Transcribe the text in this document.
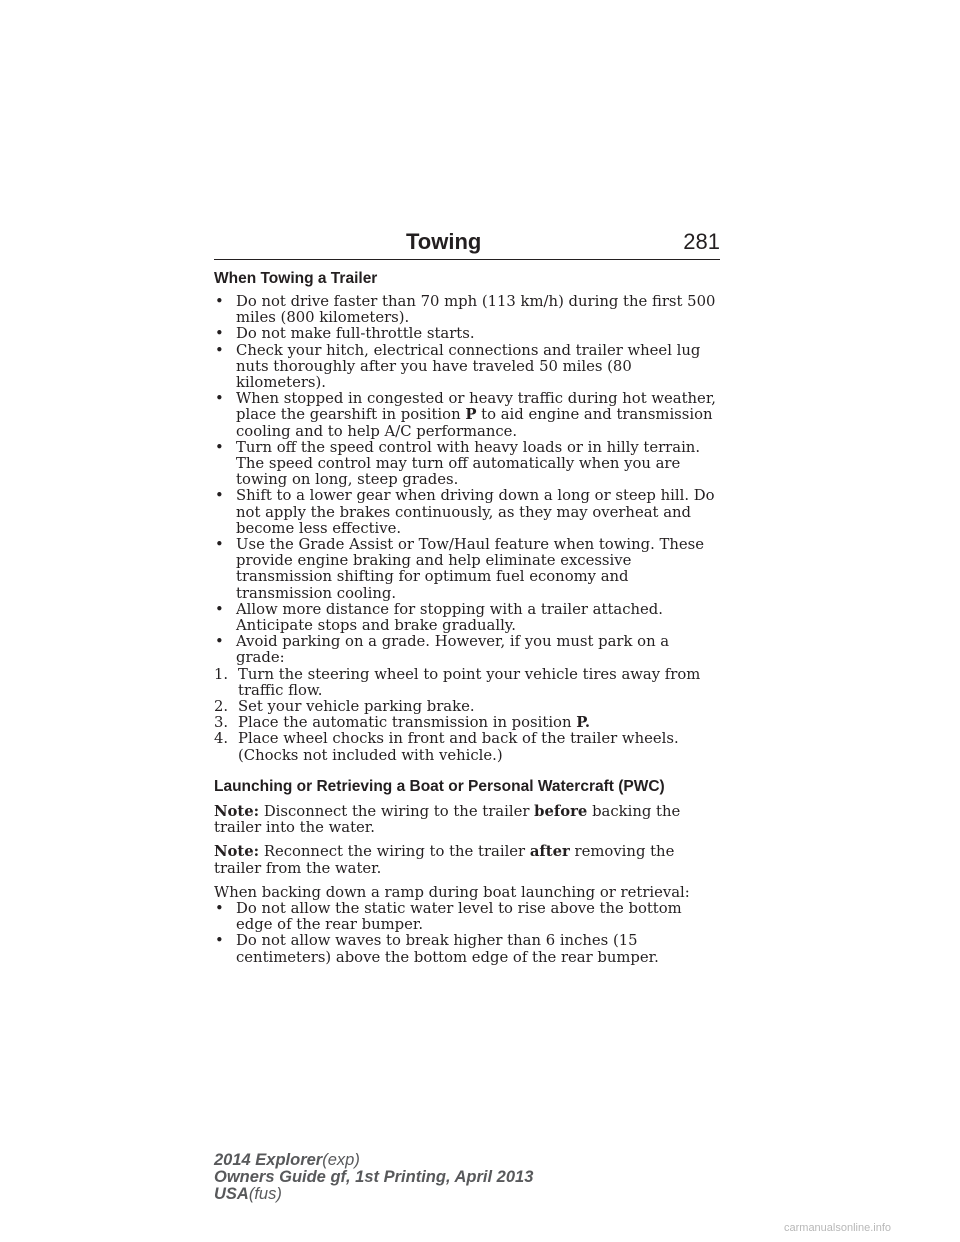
Towing	281
When Towing a Trailer
• Do not drive faster than 70 mph (113 km/h) during the first 500 miles (800 kilometers).
• Do not make full-throttle starts.
• Check your hitch, electrical connections and trailer wheel lug nuts thoroughly after you have traveled 50 miles (80 kilometers).
• When stopped in congested or heavy traffic during hot weather, place the gearshift in position P to aid engine and transmission cooling and to help A/C performance.
• Turn off the speed control with heavy loads or in hilly terrain. The speed control may turn off automatically when you are towing on long, steep grades.
• Shift to a lower gear when driving down a long or steep hill. Do not apply the brakes continuously, as they may overheat and become less effective.
• Use the Grade Assist or Tow/Haul feature when towing. These provide engine braking and help eliminate excessive transmission shifting for optimum fuel economy and transmission cooling.
• Allow more distance for stopping with a trailer attached. Anticipate stops and brake gradually.
• Avoid parking on a grade. However, if you must park on a grade:
1. Turn the steering wheel to point your vehicle tires away from traffic flow.
2. Set your vehicle parking brake.
3. Place the automatic transmission in position P.
4. Place wheel chocks in front and back of the trailer wheels. (Chocks not included with vehicle.)
Launching or Retrieving a Boat or Personal Watercraft (PWC)

Note: Disconnect the wiring to the trailer before backing the trailer into the water.

Note: Reconnect the wiring to the trailer after removing the trailer from the water.

When backing down a ramp during boat launching or retrieval:

• Do not allow the static water level to rise above the bottom edge of the rear bumper.
• Do not allow waves to break higher than 6 inches (15 centimeters) above the bottom edge of the rear bumper.
2014 Explorer(exp)
Owners Guide gf, 1st Printing, April 2013
USA(fus)
carmanualsonline.info
